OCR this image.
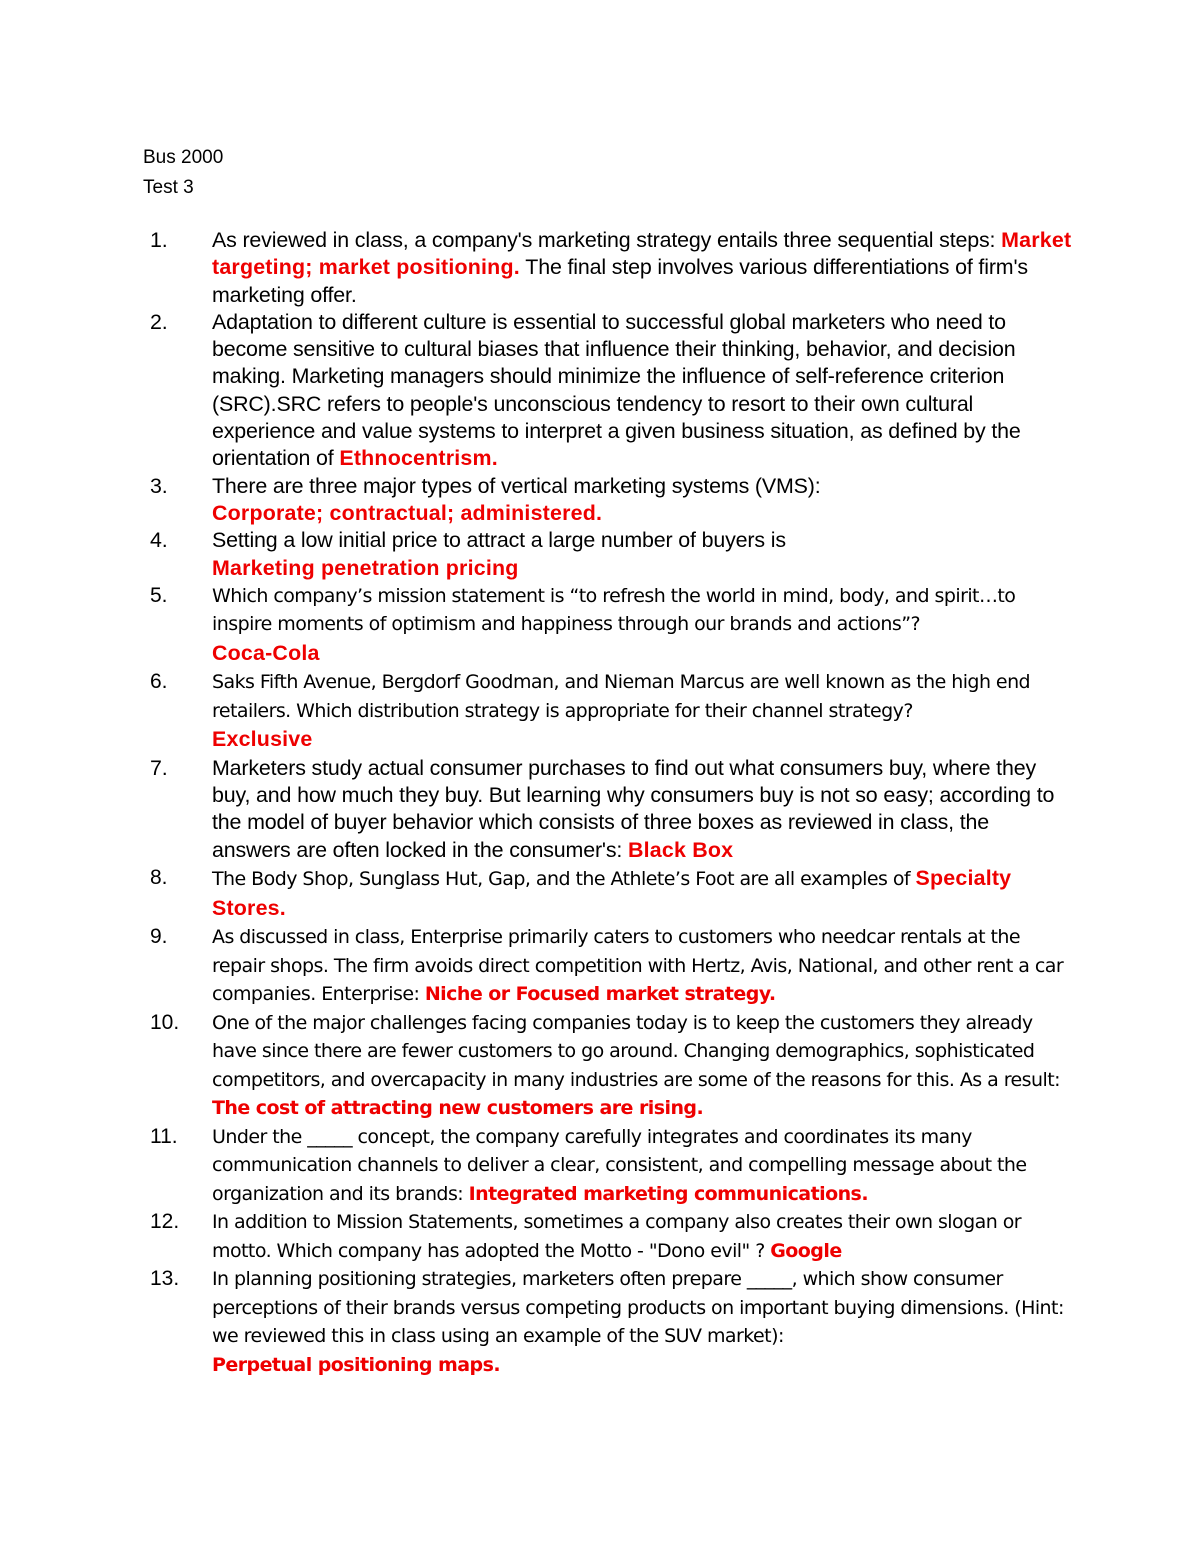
Bus 2000
Test 3
1.	As reviewed in class, a company's marketing strategy entails three sequential steps: Market targeting; market positioning. The final step involves various differentiations of firm's marketing offer.
2.	Adaptation to different culture is essential to successful global marketers who need to become sensitive to cultural biases that influence their thinking, behavior, and decision making. Marketing managers should minimize the influence of self-reference criterion (SRC).SRC refers to people's unconscious tendency to resort to their own cultural experience and value systems to interpret a given business situation, as defined by the orientation of Ethnocentrism.
3.	There are three major types of vertical marketing systems (VMS):
Corporate; contractual; administered.
4.	Setting a low initial price to attract a large number of buyers is
Marketing penetration pricing
5.	Which company’s mission statement is “to refresh the world in mind, body, and spirit…to inspire moments of optimism and happiness through our brands and actions”?
Coca-Cola
6.	Saks Fifth Avenue, Bergdorf Goodman, and Nieman Marcus are well known as the high end retailers. Which distribution strategy is appropriate for their channel strategy?
Exclusive
7.	Marketers study actual consumer purchases to find out what consumers buy, where they buy, and how much they buy. But learning why consumers buy is not so easy; according to the model of buyer behavior which consists of three boxes as reviewed in class, the answers are often locked in the consumer's: Black Box
8.	The Body Shop, Sunglass Hut, Gap, and the Athlete’s Foot are all examples of Specialty Stores.
9.	As discussed in class, Enterprise primarily caters to customers who needcar rentals at the repair shops. The firm avoids direct competition with Hertz, Avis, National, and other rent a car companies. Enterprise: Niche or Focused market strategy.
10.	One of the major challenges facing companies today is to keep the customers they already have since there are fewer customers to go around. Changing demographics, sophisticated competitors, and overcapacity in many industries are some of the reasons for this. As a result: The cost of attracting new customers are rising.
11.	Under the _____ concept, the company carefully integrates and coordinates its many communication channels to deliver a clear, consistent, and compelling message about the organization and its brands: Integrated marketing communications.
12.	In addition to Mission Statements, sometimes a company also creates their own slogan or motto. Which company has adopted the Motto - "Dono evil" ? Google
13.	In planning positioning strategies, marketers often prepare _____, which show consumer perceptions of their brands versus competing products on important buying dimensions. (Hint: we reviewed this in class using an example of the SUV market):
Perpetual positioning maps.
